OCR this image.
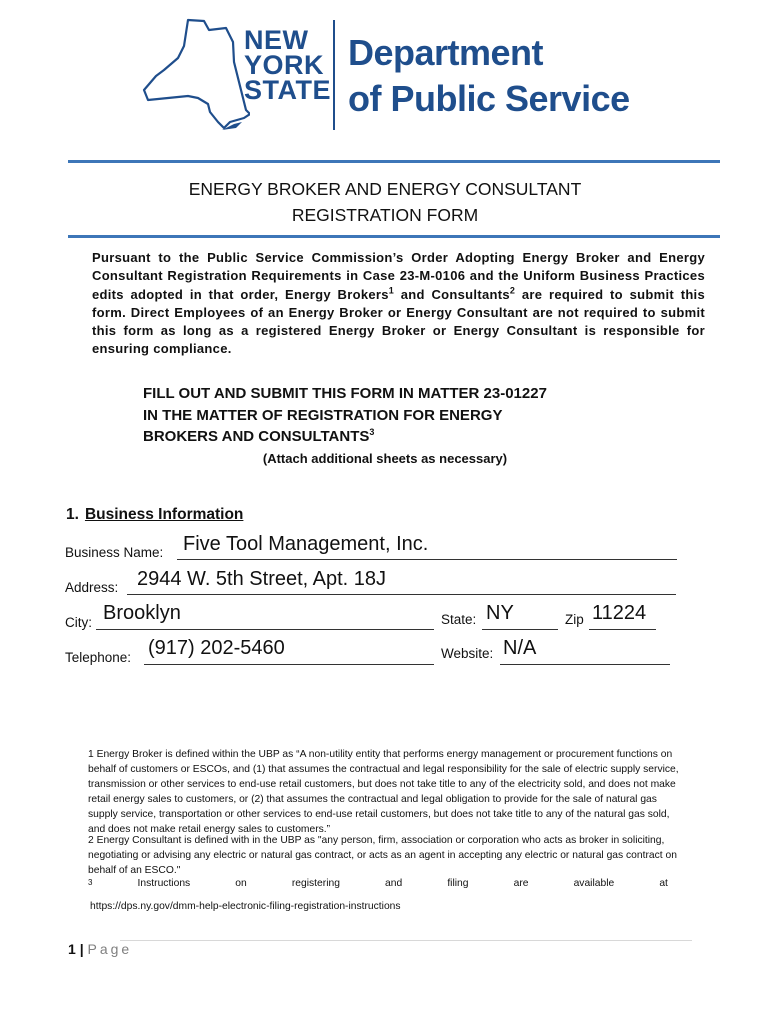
NEW
YORK
STATE
Department
of Public Service
ENERGY BROKER AND ENERGY CONSULTANT
REGISTRATION FORM
Pursuant to the Public Service Commission’s Order Adopting Energy Broker and Energy Consultant Registration Requirements in Case 23-M-0106 and the Uniform Business Practices edits adopted in that order, Energy Brokers$^1$ and Consultants$^2$ are required to submit this form. Direct Employees of an Energy Broker or Energy Consultant are not required to submit this form as long as a registered Energy Broker or Energy Consultant is responsible for ensuring compliance.
FILL OUT AND SUBMIT THIS FORM IN MATTER 23-01227
IN THE MATTER OF REGISTRATION FOR ENERGY
BROKERS AND CONSULTANTS$^3$
(Attach additional sheets as necessary)
1. Business Information
Business Name: Five Tool Management, Inc.
Address: 2944 W. 5th Street, Apt. 18J
City: Brooklyn	State: NY	Zip 11224
Telephone: (917) 202-5460	Website: N/A
1 Energy Broker is defined within the UBP as “A non-utility entity that performs energy management or procurement functions on behalf of customers or ESCOs, and (1) that assumes the contractual and legal responsibility for the sale of electric supply service, transmission or other services to end-use retail customers, but does not take title to any of the electricity sold, and does not make retail energy sales to customers, or (2) that assumes the contractual and legal obligation to provide for the sale of natural gas supply service, transportation or other services to end-use retail customers, but does not take title to any of the natural gas sold, and does not make retail energy sales to customers.”
2 Energy Consultant is defined with in the UBP as "any person, firm, association or corporation who acts as broker in soliciting, negotiating or advising any electric or natural gas contract, or acts as an agent in accepting any electric or natural gas contract on behalf of an ESCO."
3	Instructions	on	registering	and	filing	are	available	at
https://dps.ny.gov/dmm-help-electronic-filing-registration-instructions
1 | Page
